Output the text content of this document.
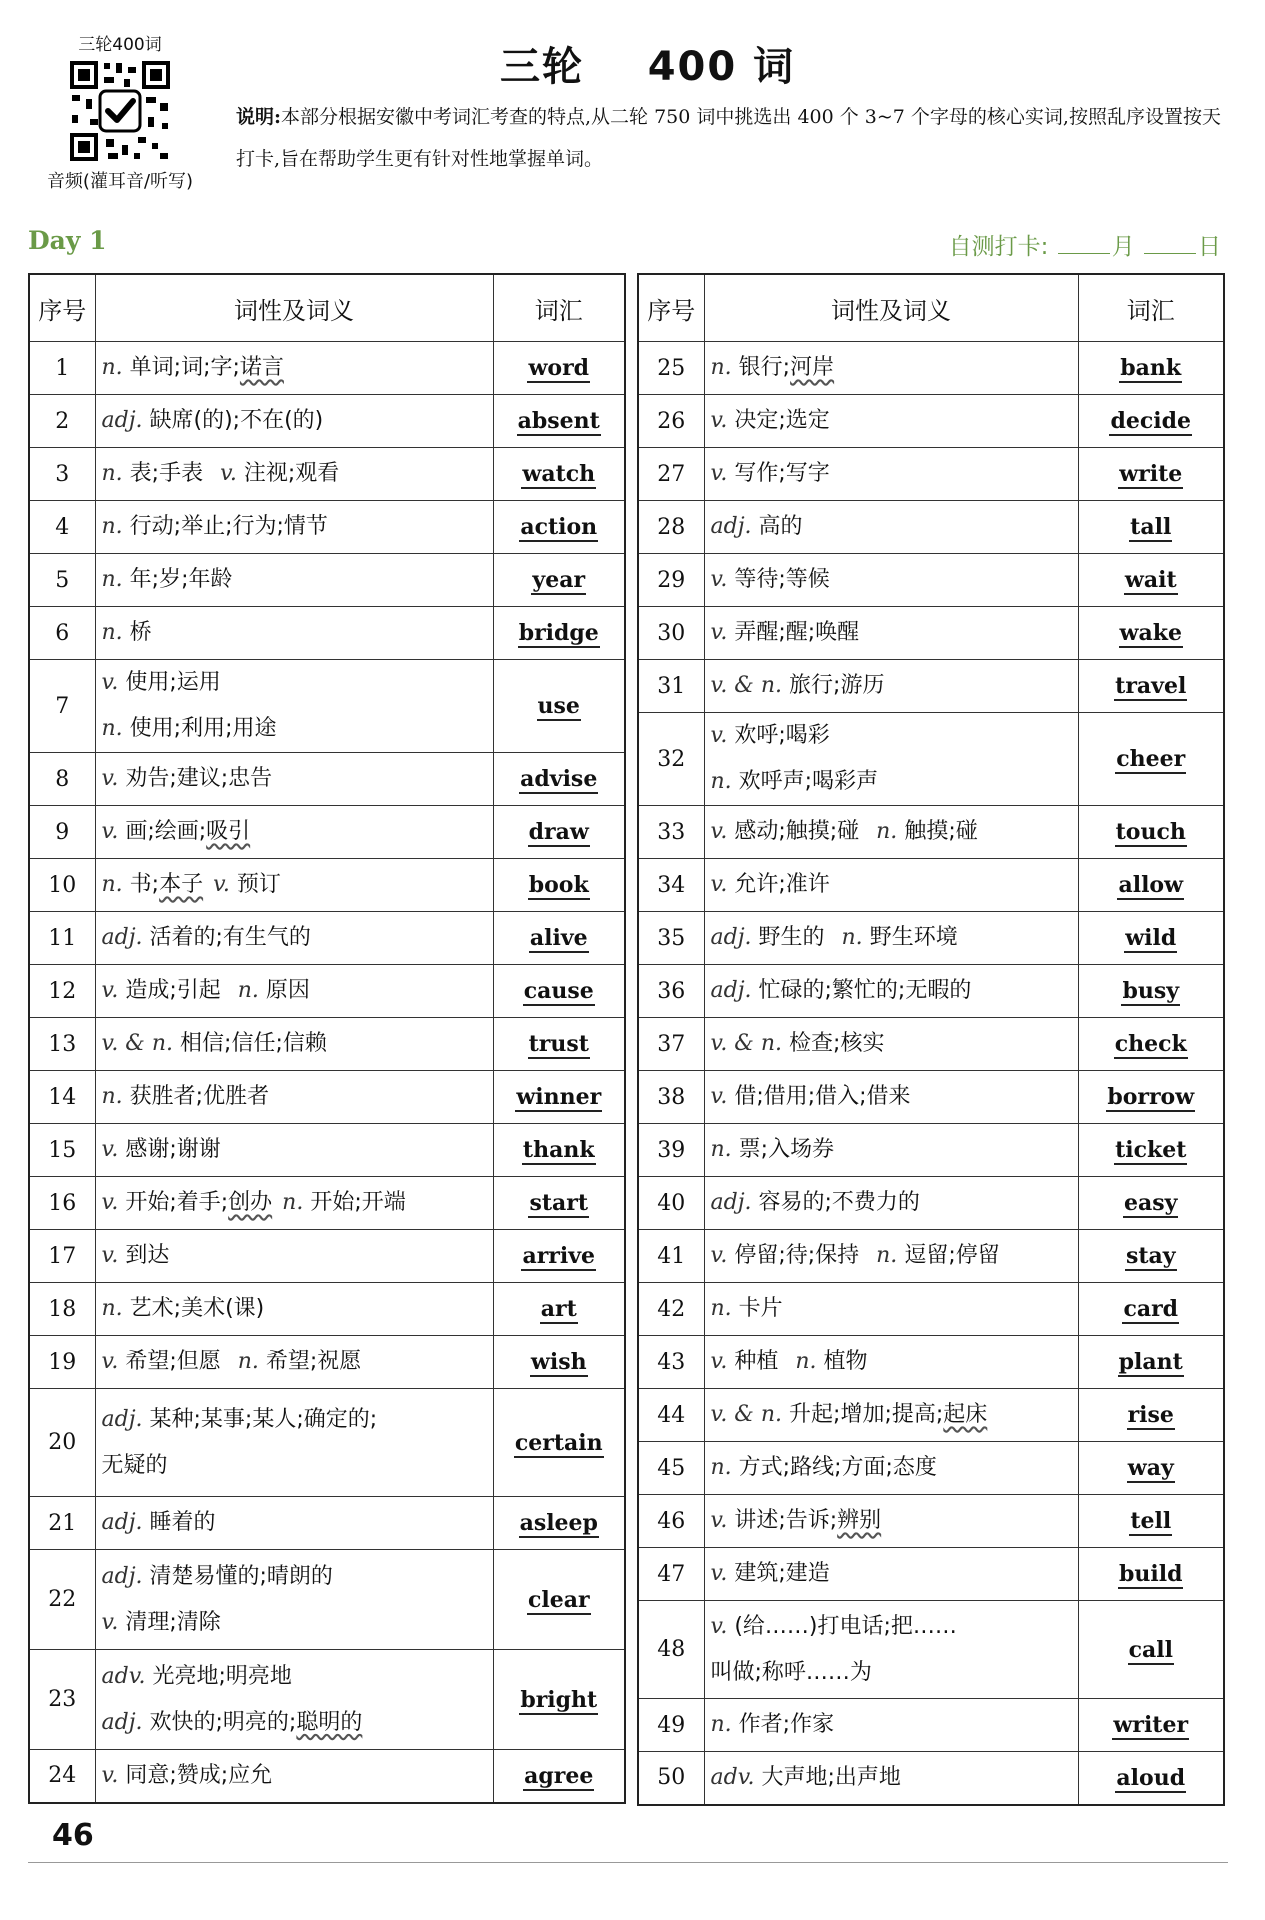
三轮400词
音频(灌耳音/听写)
三轮    400 词
说明:本部分根据安徽中考词汇考查的特点,从二轮 750 词中挑选出 400 个 3~7 个字母的核心实词,按照乱序设置按天打卡,旨在帮助学生更有针对性地掌握单词。
Day 1	自测打卡:	月	日
序号	词性及词义	词汇
1	n. 单词;词;字;诺言	word
2	adj. 缺席(的);不在(的)	absent
3	n. 表;手表 v. 注视;观看	watch
4	n. 行动;举止;行为;情节	action
5	n. 年;岁;年龄	year
6	n. 桥	bridge
7	v. 使用;运用
n. 使用;利用;用途	use
8	v. 劝告;建议;忠告	advise
9	v. 画;绘画;吸引	draw
10	n. 书;本子 v. 预订	book
11	adj. 活着的;有生气的	alive
12	v. 造成;引起 n. 原因	cause
13	v. & n. 相信;信任;信赖	trust
14	n. 获胜者;优胜者	winner
15	v. 感谢;谢谢	thank
16	v. 开始;着手;创办 n. 开始;开端	start
17	v. 到达	arrive
18	n. 艺术;美术(课)	art
19	v. 希望;但愿 n. 希望;祝愿	wish
20	adj. 某种;某事;某人;确定的;
无疑的	certain
21	adj. 睡着的	asleep
22	adj. 清楚易懂的;晴朗的
v. 清理;清除	clear
23	adv. 光亮地;明亮地
adj. 欢快的;明亮的;聪明的	bright
24	v. 同意;赞成;应允	agree
序号	词性及词义	词汇
25	n. 银行;河岸	bank
26	v. 决定;选定	decide
27	v. 写作;写字	write
28	adj. 高的	tall
29	v. 等待;等候	wait
30	v. 弄醒;醒;唤醒	wake
31	v. & n. 旅行;游历	travel
32	v. 欢呼;喝彩
n. 欢呼声;喝彩声	cheer
33	v. 感动;触摸;碰 n. 触摸;碰	touch
34	v. 允许;准许	allow
35	adj. 野生的 n. 野生环境	wild
36	adj. 忙碌的;繁忙的;无暇的	busy
37	v. & n. 检查;核实	check
38	v. 借;借用;借入;借来	borrow
39	n. 票;入场券	ticket
40	adj. 容易的;不费力的	easy
41	v. 停留;待;保持 n. 逗留;停留	stay
42	n. 卡片	card
43	v. 种植 n. 植物	plant
44	v. & n. 升起;增加;提高;起床	rise
45	n. 方式;路线;方面;态度	way
46	v. 讲述;告诉;辨别	tell
47	v. 建筑;建造	build
48	v. (给……)打电话;把……
叫做;称呼……为	call
49	n. 作者;作家	writer
50	adv. 大声地;出声地	aloud
46
